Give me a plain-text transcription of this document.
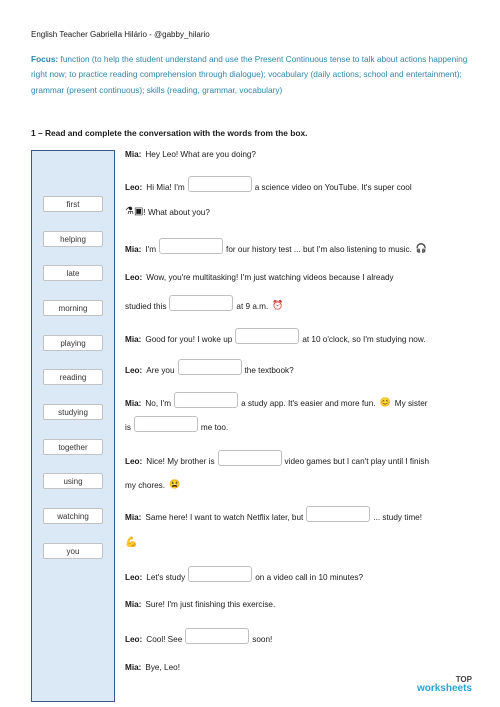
English Teacher Gabriella Hilário - @gabby_hilario
Focus: function (to help the student understand and use the Present Continuous tense to talk about actions happening right now; to practice reading comprehension through dialogue); vocabulary (daily actions; school and entertainment); grammar (present continuous); skills (reading, grammar, vocabulary)
1 – Read and complete the conversation with the words from the box.
first
helping
late
morning
playing
reading
studying
together
using
watching
you
Mia: Hey Leo! What are you doing?
Leo: Hi Mia! I'm	a science video on YouTube. It's super cool
⚗ ▣ ! What about you?
Mia: I'm	for our history test ... but I'm also listening to music. 🎧
Leo: Wow, you're multitasking! I'm just watching videos because I already
studied this	at 9 a.m. ⏰
Mia: Good for you! I woke up	at 10 o'clock, so I'm studying now.
Leo: Are you	the textbook?
Mia: No, I'm	a study app. It's easier and more fun. 😊 My sister
is	me too.
Leo: Nice! My brother is	video games but I can't play until I finish
my chores. 😫
Mia: Same here! I want to watch Netflix later, but	... study time!
💪
Leo: Let's study	on a video call in 10 minutes?
Mia: Sure! I'm just finishing this exercise.
Leo: Cool! See	soon!
Mia: Bye, Leo!
TOP
worksheets
